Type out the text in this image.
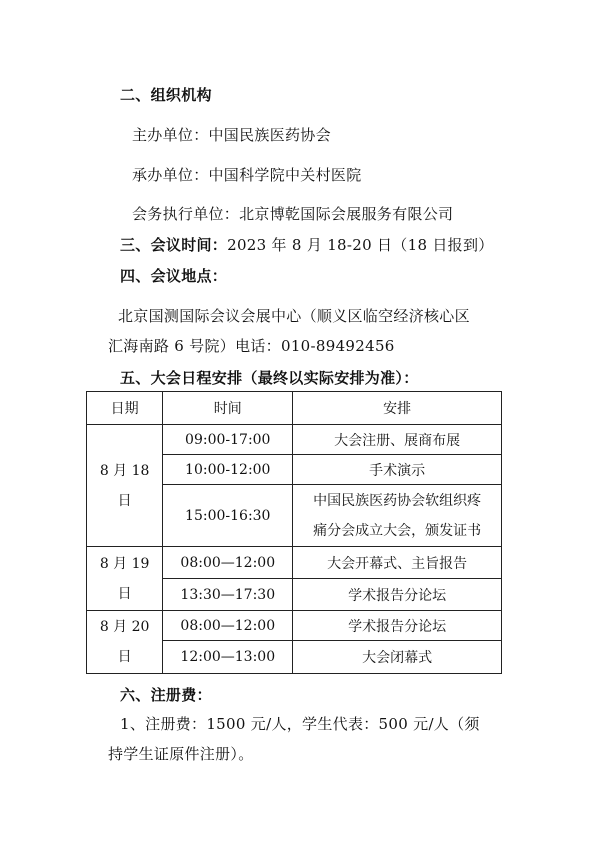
二、组织机构
主办单位：中国民族医药协会
承办单位：中国科学院中关村医院
会务执行单位：北京博乾国际会展服务有限公司
三、会议时间：2023 年 8 月 18-20 日（18 日报到）
四、会议地点：
北京国测国际会议会展中心（顺义区临空经济核心区
汇海南路 6 号院）电话：010-89492456
五、大会日程安排（最终以实际安排为准）：
日期	时间	安排

8 月 18
日	09:00-17:00	大会注册、展商布展
	10:00-12:00	手术演示
	15:00-16:30	中国民族医药协会软组织疼
痛分会成立大会，颁发证书

8 月 19
日	08:00—12:00	大会开幕式、主旨报告
	13:30—17:30	学术报告分论坛

8 月 20
日	08:00—12:00	学术报告分论坛
	12:00—13:00	大会闭幕式
六、注册费：
1、注册费：1500 元/人，学生代表：500 元/人（须
持学生证原件注册）。
